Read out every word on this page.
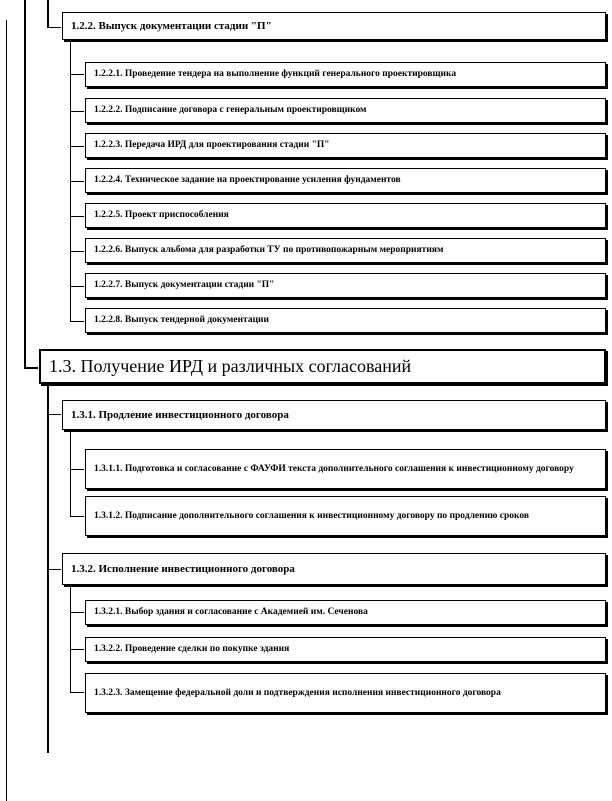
1.2.2. Выпуск документации стадии "П"
1.2.2.1. Проведение тендера на выполнение функций генерального проектировщика
1.2.2.2. Подписание договора с генеральным проектировщиком
1.2.2.3. Передача ИРД для проектирования стадии "П"
1.2.2.4. Техническое задание на проектирование усиления фундаментов
1.2.2.5. Проект приспособления
1.2.2.6. Выпуск альбома для разработки ТУ по противопожарным мероприятиям
1.2.2.7. Выпуск документации стадии "П"
1.2.2.8. Выпуск тендерной документации
1.3. Получение ИРД и различных согласований
1.3.1. Продление инвестиционного договора
1.3.1.1. Подготовка и согласование с ФАУФИ текста дополнительного соглашения к инвестиционному договору
1.3.1.2. Подписание дополнительного соглашения к инвестиционному договору по продлению сроков
1.3.2. Исполнение инвестиционного договора
1.3.2.1. Выбор здания и согласование с Академией им. Сеченова
1.3.2.2. Проведение сделки по покупке здания
1.3.2.3. Замещение федеральной доли и подтверждения исполнения инвестиционного договора
